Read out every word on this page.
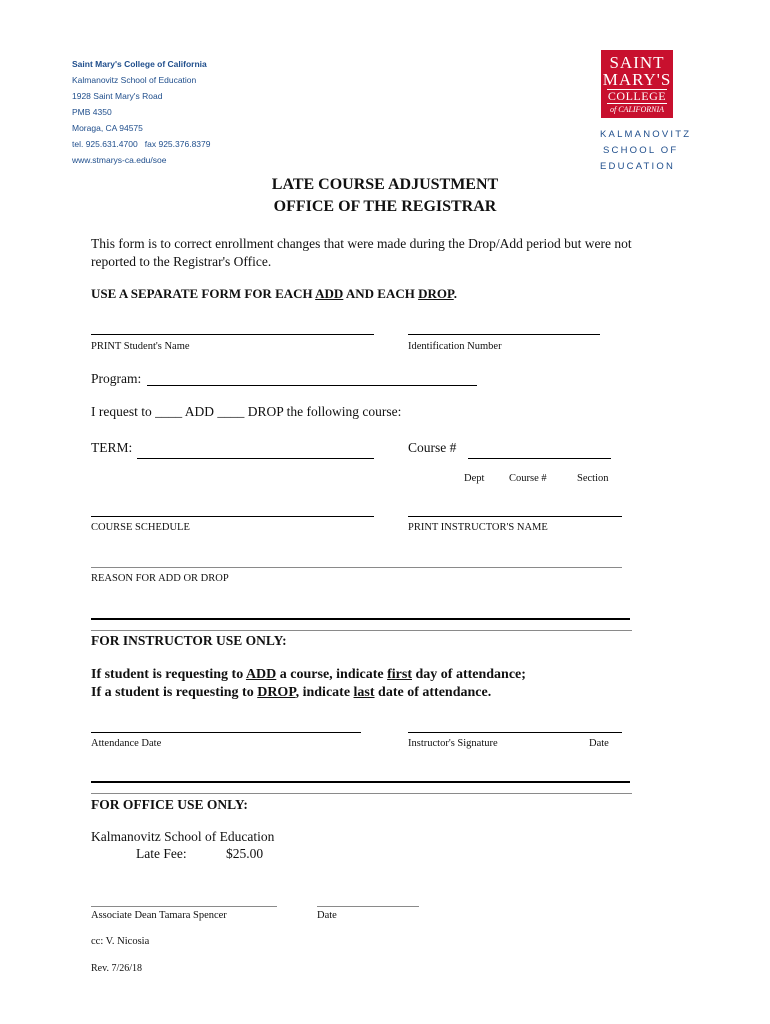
Saint Mary's College of California
Kalmanovitz School of Education
1928 Saint Mary's Road
PMB 4350
Moraga, CA 94575
tel. 925.631.4700   fax 925.376.8379
www.stmarys-ca.edu/soe
SAINT
MARY'S
COLLEGE
of CALIFORNIA
KALMANOVITZ
SCHOOL OF
EDUCATION
LATE COURSE ADJUSTMENT
OFFICE OF THE REGISTRAR
This form is to correct enrollment changes that were made during the Drop/Add period but were not
reported to the Registrar's Office.
USE A SEPARATE FORM FOR EACH ADD AND EACH DROP.
PRINT Student's Name	Identification Number
Program:
I request to ____ ADD ____ DROP the following course:
TERM:	Course #
Dept Course #	Section
COURSE SCHEDULE	PRINT INSTRUCTOR'S NAME
REASON FOR ADD OR DROP
FOR INSTRUCTOR USE ONLY:
If student is requesting to ADD a course, indicate first day of attendance;
If a student is requesting to DROP, indicate last date of attendance.
Attendance Date	Instructor's Signature	Date
FOR OFFICE USE ONLY:
Kalmanovitz School of Education
Late Fee:	$25.00
Associate Dean Tamara Spencer	Date
cc: V. Nicosia
Rev. 7/26/18
